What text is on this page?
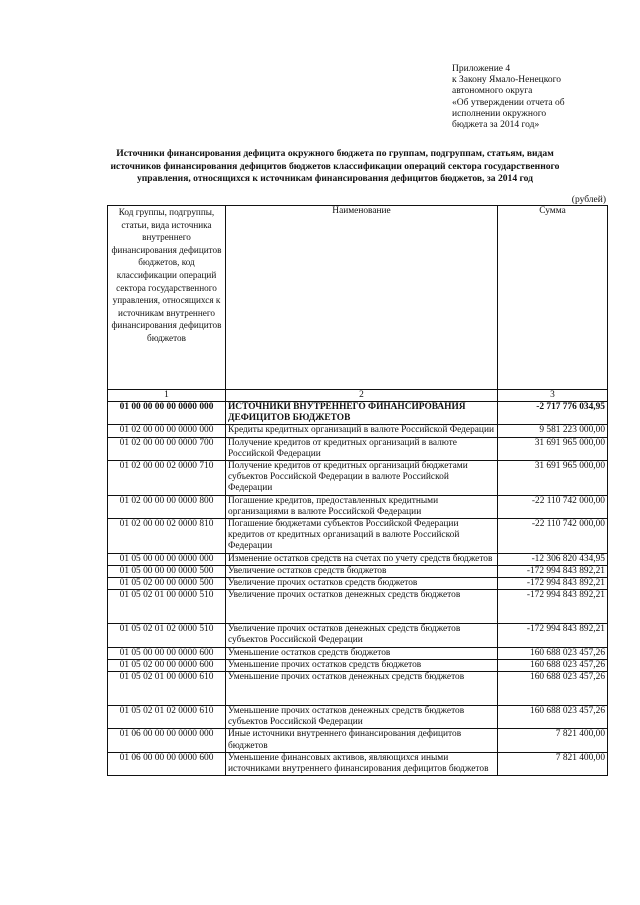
Приложение 4
к Закону Ямало-Ненецкого
автономного округа
«Об утверждении отчета об
исполнении окружного
бюджета за 2014 год»
Источники финансирования дефицита окружного бюджета по группам, подгруппам, статьям, видам
источников финансирования дефицитов бюджетов классификации операций сектора государственного
управления, относящихся к источникам финансирования дефицитов бюджетов, за 2014 год
(рублей)
Код группы, подгруппы, статьи, вида источника внутреннего финансирования дефицитов бюджетов, код классификации операций сектора государственного управления, относящихся к источникам внутреннего финансирования дефицитов бюджетов	Наименование	Сумма
1	2	3
01 00 00 00 00 0000 000	ИСТОЧНИКИ ВНУТРЕННЕГО ФИНАНСИРОВАНИЯ ДЕФИЦИТОВ БЮДЖЕТОВ	-2 717 776 034,95
01 02 00 00 00 0000 000	Кредиты кредитных организаций в валюте Российской Федерации	9 581 223 000,00
01 02 00 00 00 0000 700	Получение кредитов от кредитных организаций в валюте Российской Федерации	31 691 965 000,00
01 02 00 00 02 0000 710	Получение кредитов от кредитных организаций бюджетами субъектов Российской Федерации в валюте Российской Федерации	31 691 965 000,00
01 02 00 00 00 0000 800	Погашение кредитов, предоставленных кредитными организациями в валюте Российской Федерации	-22 110 742 000,00
01 02 00 00 02 0000 810	Погашение бюджетами субъектов Российской Федерации кредитов от кредитных организаций в валюте Российской Федерации	-22 110 742 000,00
01 05 00 00 00 0000 000	Изменение остатков средств на счетах по учету средств бюджетов	-12 306 820 434,95
01 05 00 00 00 0000 500	Увеличение остатков средств бюджетов	-172 994 843 892,21
01 05 02 00 00 0000 500	Увеличение прочих остатков средств бюджетов	-172 994 843 892,21
01 05 02 01 00 0000 510	Увеличение прочих остатков денежных средств бюджетов	-172 994 843 892,21
01 05 02 01 02 0000 510	Увеличение прочих остатков денежных средств бюджетов субъектов Российской Федерации	-172 994 843 892,21
01 05 00 00 00 0000 600	Уменьшение остатков средств бюджетов	160 688 023 457,26
01 05 02 00 00 0000 600	Уменьшение прочих остатков средств бюджетов	160 688 023 457,26
01 05 02 01 00 0000 610	Уменьшение прочих остатков денежных средств бюджетов	160 688 023 457,26
01 05 02 01 02 0000 610	Уменьшение прочих остатков денежных средств бюджетов субъектов Российской Федерации	160 688 023 457,26
01 06 00 00 00 0000 000	Иные источники внутреннего финансирования дефицитов бюджетов	7 821 400,00
01 06 00 00 00 0000 600	Уменьшение финансовых активов, являющихся иными источниками внутреннего финансирования дефицитов бюджетов	7 821 400,00
